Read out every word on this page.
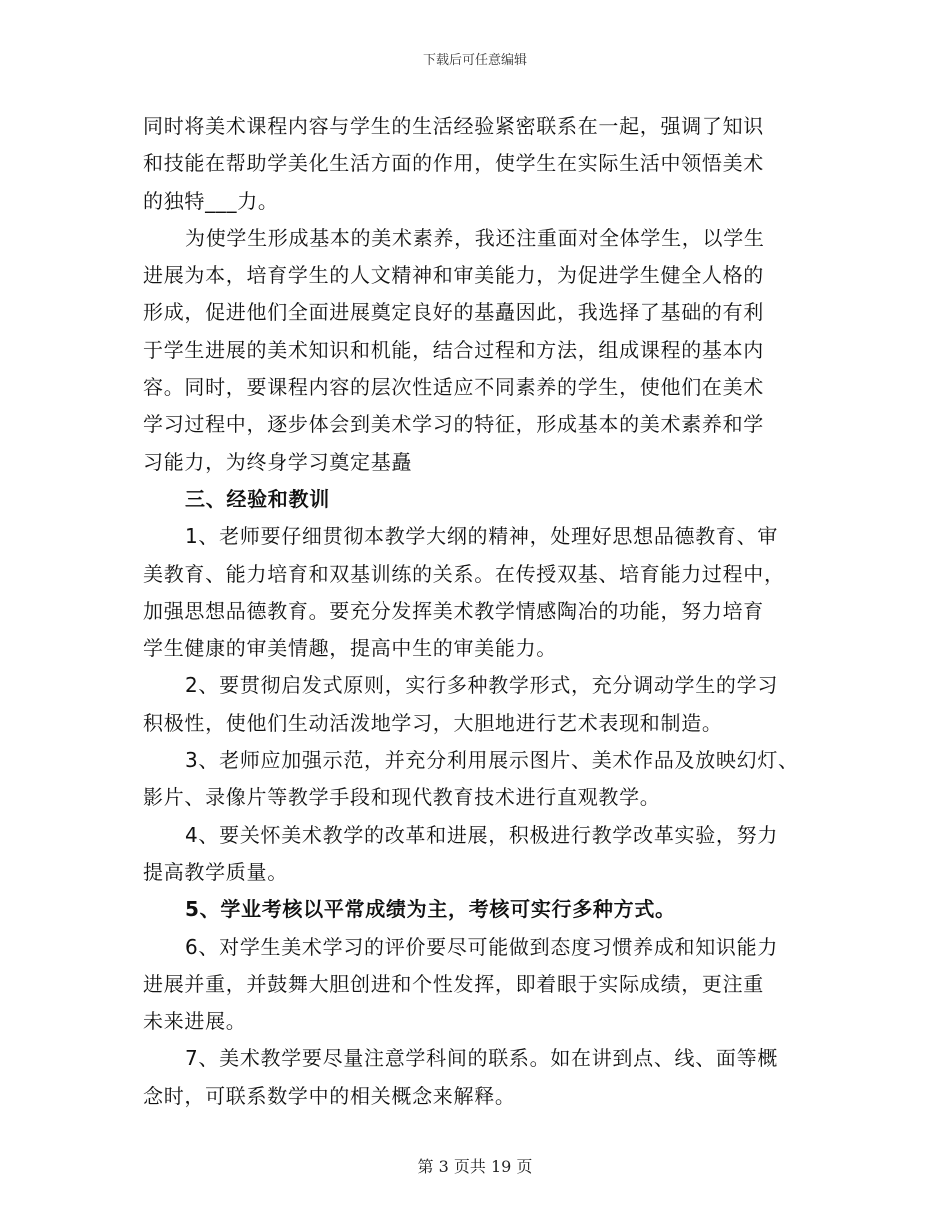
下载后可任意编辑
同时将美术课程内容与学生的生活经验紧密联系在一起，强调了知识
和技能在帮助学美化生活方面的作用，使学生在实际生活中领悟美术
的独特___力。
为使学生形成基本的美术素养，我还注重面对全体学生，以学生
进展为本，培育学生的人文精神和审美能力，为促进学生健全人格的
形成，促进他们全面进展奠定良好的基矗因此，我选择了基础的有利
于学生进展的美术知识和机能，结合过程和方法，组成课程的基本内
容。同时，要课程内容的层次性适应不同素养的学生，使他们在美术
学习过程中，逐步体会到美术学习的特征，形成基本的美术素养和学
习能力，为终身学习奠定基矗
三、经验和教训
1、老师要仔细贯彻本教学大纲的精神，处理好思想品德教育、审
美教育、能力培育和双基训练的关系。在传授双基、培育能力过程中，
加强思想品德教育。要充分发挥美术教学情感陶冶的功能，努力培育
学生健康的审美情趣，提高中生的审美能力。
2、要贯彻启发式原则，实行多种教学形式，充分调动学生的学习
积极性，使他们生动活泼地学习，大胆地进行艺术表现和制造。
3、老师应加强示范，并充分利用展示图片、美术作品及放映幻灯、
影片、录像片等教学手段和现代教育技术进行直观教学。
4、要关怀美术教学的改革和进展，积极进行教学改革实验，努力
提高教学质量。
5、学业考核以平常成绩为主，考核可实行多种方式。
6、对学生美术学习的评价要尽可能做到态度习惯养成和知识能力
进展并重，并鼓舞大胆创进和个性发挥，即着眼于实际成绩，更注重
未来进展。
7、美术教学要尽量注意学科间的联系。如在讲到点、线、面等概
念时，可联系数学中的相关概念来解释。
第 3 页共 19 页
